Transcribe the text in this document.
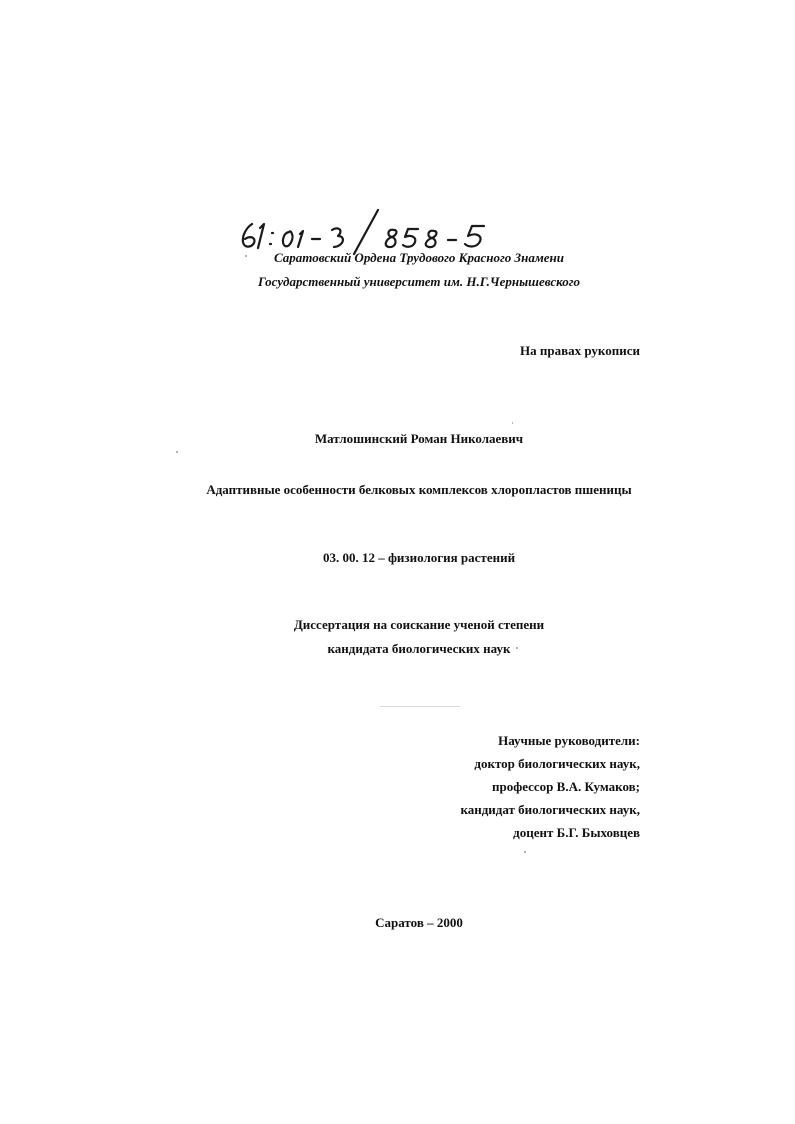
Саратовский Ордена Трудового Красного Знамени
Государственный университет им. Н.Г.Чернышевского
На правах рукописи
Матлошинский Роман Николаевич
Адаптивные особенности белковых комплексов хлоропластов пшеницы
03. 00. 12 – физиология растений
Диссертация на соискание ученой степени
кандидата биологических наук
Научные руководители:
доктор биологических наук,
профессор В.А. Кумаков;
кандидат биологических наук,
доцент Б.Г. Быховцев
Саратов – 2000
